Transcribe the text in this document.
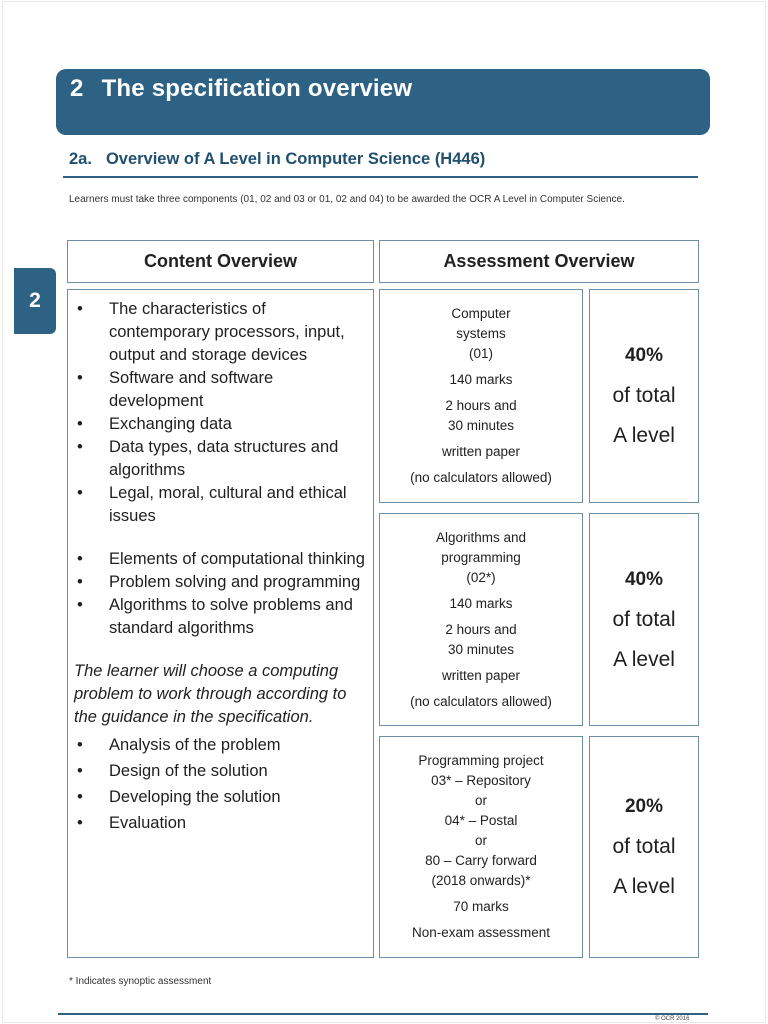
2 The specification overview
2
2a. Overview of A Level in Computer Science (H446)
Learners must take three components (01, 02 and 03 or 01, 02 and 04) to be awarded the OCR A Level in Computer Science.
Content Overview	Assessment Overview
• The characteristics of contemporary processors, input, output and storage devices
• Software and software development
• Exchanging data
• Data types, data structures and algorithms
• Legal, moral, cultural and ethical issues
• Elements of computational thinking
• Problem solving and programming
• Algorithms to solve problems and standard algorithms

The learner will choose a computing problem to work through according to the guidance in the specification.

• Analysis of the problem
• Design of the solution
• Developing the solution
• Evaluation
Computer
systems
(01)
140 marks
2 hours and
30 minutes
written paper
(no calculators allowed)
40%
of total
A level
Algorithms and
programming
(02*)
140 marks
2 hours and
30 minutes
written paper
(no calculators allowed)
40%
of total
A level
Programming project
03* – Repository
or
04* – Postal
or
80 – Carry forward
(2018 onwards)*
70 marks
Non-exam assessment
20%
of total
A level
* Indicates synoptic assessment
© OCR 2016
